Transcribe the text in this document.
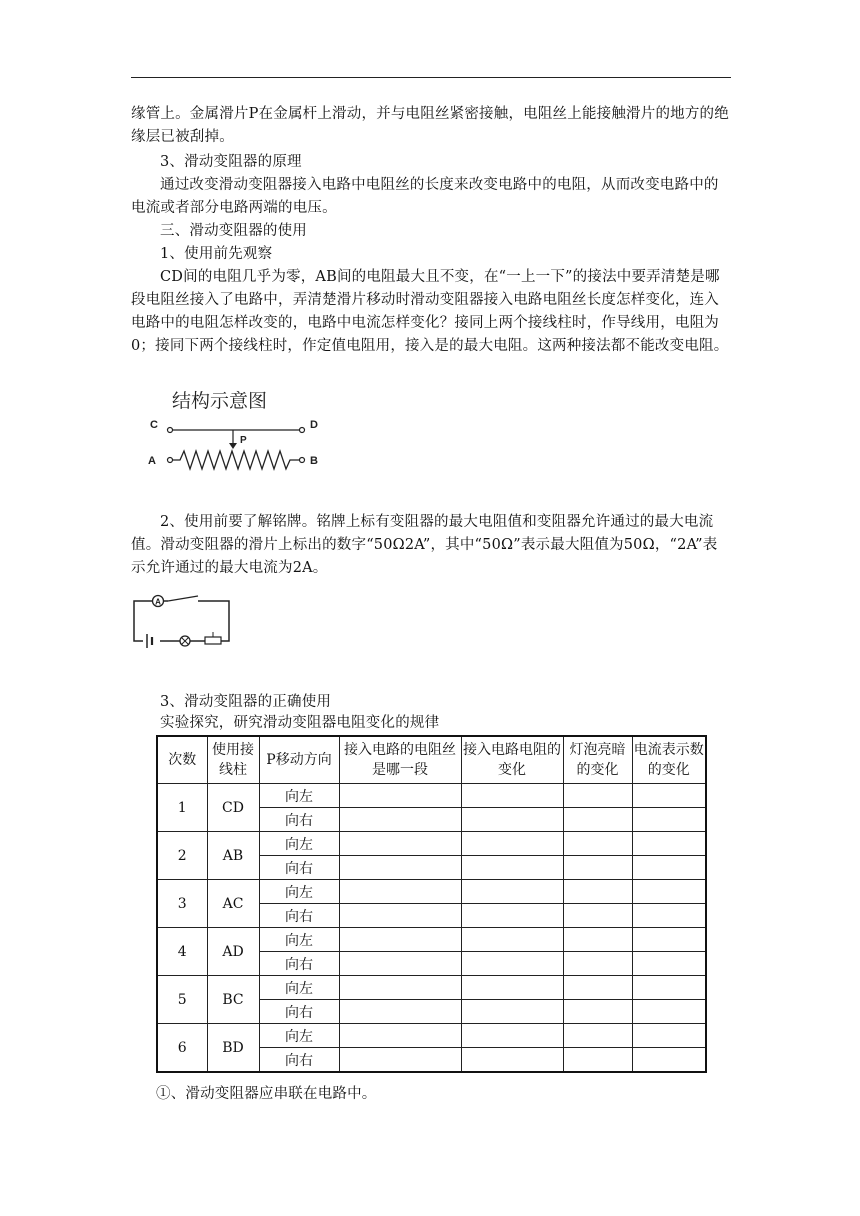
缘管上。金属滑片P在金属杆上滑动，并与电阻丝紧密接触，电阻丝上能接触滑片的地方的绝缘层已被刮掉。
3、滑动变阻器的原理
通过改变滑动变阻器接入电路中电阻丝的长度来改变电路中的电阻，从而改变电路中的电流或者部分电路两端的电压。
三、滑动变阻器的使用
1、使用前先观察
CD间的电阻几乎为零，AB间的电阻最大且不变，在“一上一下”的接法中要弄清楚是哪段电阻丝接入了电路中，弄清楚滑片移动时滑动变阻器接入电路电阻丝长度怎样变化，连入电路中的电阻怎样改变的，电路中电流怎样变化？接同上两个接线柱时，作导线用，电阻为0；接同下两个接线柱时，作定值电阻用，接入是的最大电阻。这两种接法都不能改变电阻。
结构示意图
C	D
P
A	B
2、使用前要了解铭牌。铭牌上标有变阻器的最大电阻值和变阻器允许通过的最大电流值。滑动变阻器的滑片上标出的数字“50Ω2A”，其中“50Ω”表示最大阻值为50Ω，“2A”表示允许通过的最大电流为2A。
A
3、滑动变阻器的正确使用
实验探究，研究滑动变阻器电阻变化的规律
次数	使用接线柱	P移动方向	接入电路的电阻丝是哪一段	接入电路电阻的变化	灯泡亮暗的变化	电流表示数的变化
1	CD	向左				
		向右				
2	AB	向左				
		向右				
3	AC	向左				
		向右				
4	AD	向左				
		向右				
5	BC	向左				
		向右				
6	BD	向左				
		向右				
①、滑动变阻器应串联在电路中。
